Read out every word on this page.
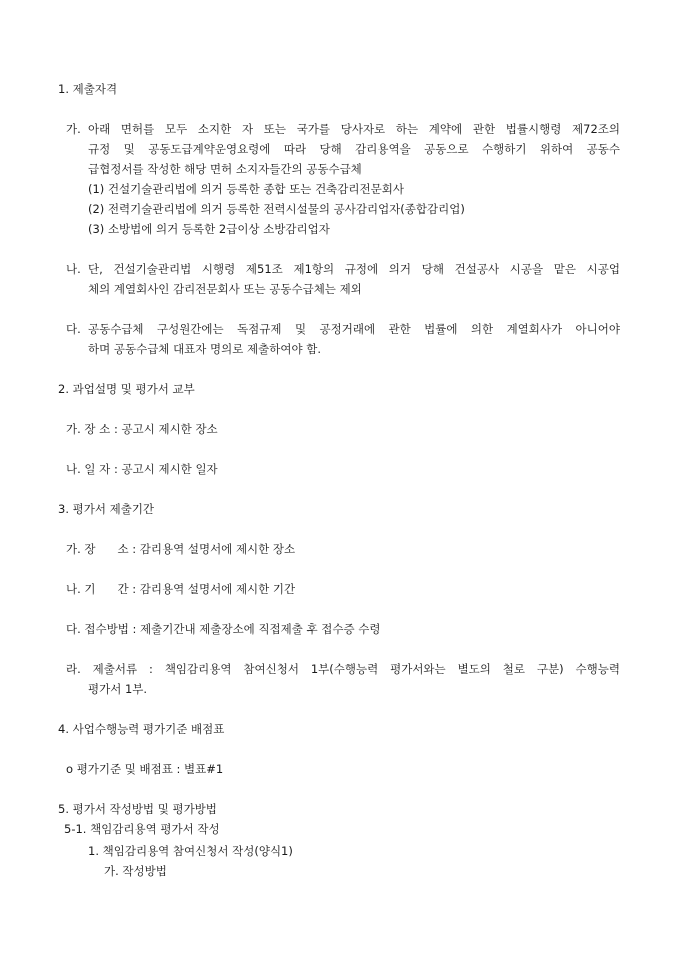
1. 제출자격
가. 아래 면허를 모두 소지한 자 또는 국가를 당사자로 하는 계약에 관한 법률시행령 제72조의
규정 및 공동도급계약운영요령에 따라 당해 감리용역을 공동으로 수행하기 위하여 공동수
급협정서를 작성한 해당 면허 소지자들간의 공동수급체
(1) 건설기술관리법에 의거 등록한 종합 또는 건축감리전문회사
(2) 전력기술관리법에 의거 등록한 전력시설물의 공사감리업자(종합감리업)
(3) 소방법에 의거 등록한 2급이상 소방감리업자
나. 단, 건설기술관리법 시행령 제51조 제1항의 규정에 의거 당해 건설공사 시공을 맡은 시공업
체의 계열회사인 감리전문회사 또는 공동수급체는 제외
다. 공동수급체 구성원간에는 독점규제 및 공정거래에 관한 법률에 의한 계열회사가 아니어야
하며 공동수급체 대표자 명의로 제출하여야 함.
2. 과업설명 및 평가서 교부
가. 장 소 : 공고시 제시한 장소
나. 일 자 : 공고시 제시한 일자
3. 평가서 제출기간
가. 장      소 : 감리용역 설명서에 제시한 장소
나. 기      간 : 감리용역 설명서에 제시한 기간
다. 접수방법 : 제출기간내 제출장소에 직접제출 후 접수증 수령
라. 제출서류 : 책임감리용역 참여신청서 1부(수행능력 평가서와는 별도의 철로 구분) 수행능력
평가서 1부.
4. 사업수행능력 평가기준 배점표
o 평가기준 및 배점표 : 별표#1
5. 평가서 작성방법 및 평가방법
5-1. 책임감리용역 평가서 작성
1. 책임감리용역 참여신청서 작성(양식1)
가. 작성방법
